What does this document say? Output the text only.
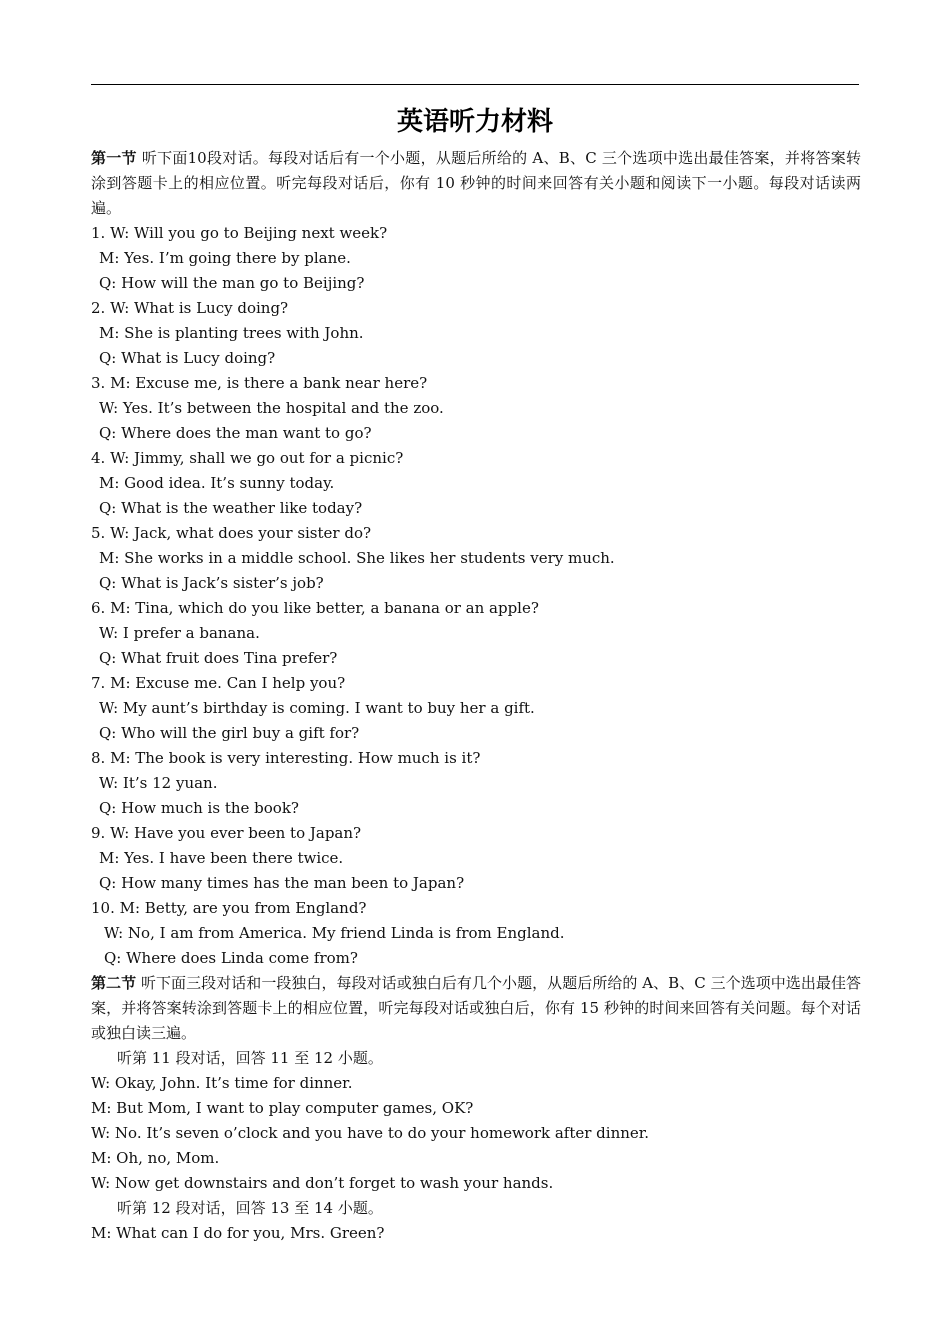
英语听力材料

第一节 听下面10段对话。每段对话后有一个小题，从题后所给的 A、B、C 三个选项中选出最佳答案，并将答案转涂到答题卡上的相应位置。听完每段对话后，你有 10 秒钟的时间来回答有关小题和阅读下一小题。每段对话读两遍。

1. W: Will you go to Beijing next week?

M: Yes. I’m going there by plane.

Q: How will the man go to Beijing?

2. W: What is Lucy doing?

M: She is planting trees with John.

Q: What is Lucy doing?

3. M: Excuse me, is there a bank near here?

W: Yes. It’s between the hospital and the zoo.

Q: Where does the man want to go?

4. W: Jimmy, shall we go out for a picnic?

M: Good idea. It’s sunny today.

Q: What is the weather like today?

5. W: Jack, what does your sister do?

M: She works in a middle school. She likes her students very much.

Q: What is Jack’s sister’s job?

6. M: Tina, which do you like better, a banana or an apple?

W: I prefer a banana.

Q: What fruit does Tina prefer?

7. M: Excuse me. Can I help you?

W: My aunt’s birthday is coming. I want to buy her a gift.

Q: Who will the girl buy a gift for?

8. M: The book is very interesting. How much is it?

W: It’s 12 yuan.

Q: How much is the book?

9. W: Have you ever been to Japan?

M: Yes. I have been there twice.

Q: How many times has the man been to Japan?

10. M: Betty, are you from England?

W: No, I am from America. My friend Linda is from England.

Q: Where does Linda come from?

第二节 听下面三段对话和一段独白，每段对话或独白后有几个小题，从题后所给的 A、B、C 三个选项中选出最佳答案，并将答案转涂到答题卡上的相应位置，听完每段对话或独白后，你有 15 秒钟的时间来回答有关问题。每个对话或独白读三遍。

听第 11 段对话，回答 11 至 12 小题。

W: Okay, John. It’s time for dinner.

M: But Mom, I want to play computer games, OK?

W: No. It’s seven o’clock and you have to do your homework after dinner.

M: Oh, no, Mom.

W: Now get downstairs and don’t forget to wash your hands.

听第 12 段对话，回答 13 至 14 小题。

M: What can I do for you, Mrs. Green?
